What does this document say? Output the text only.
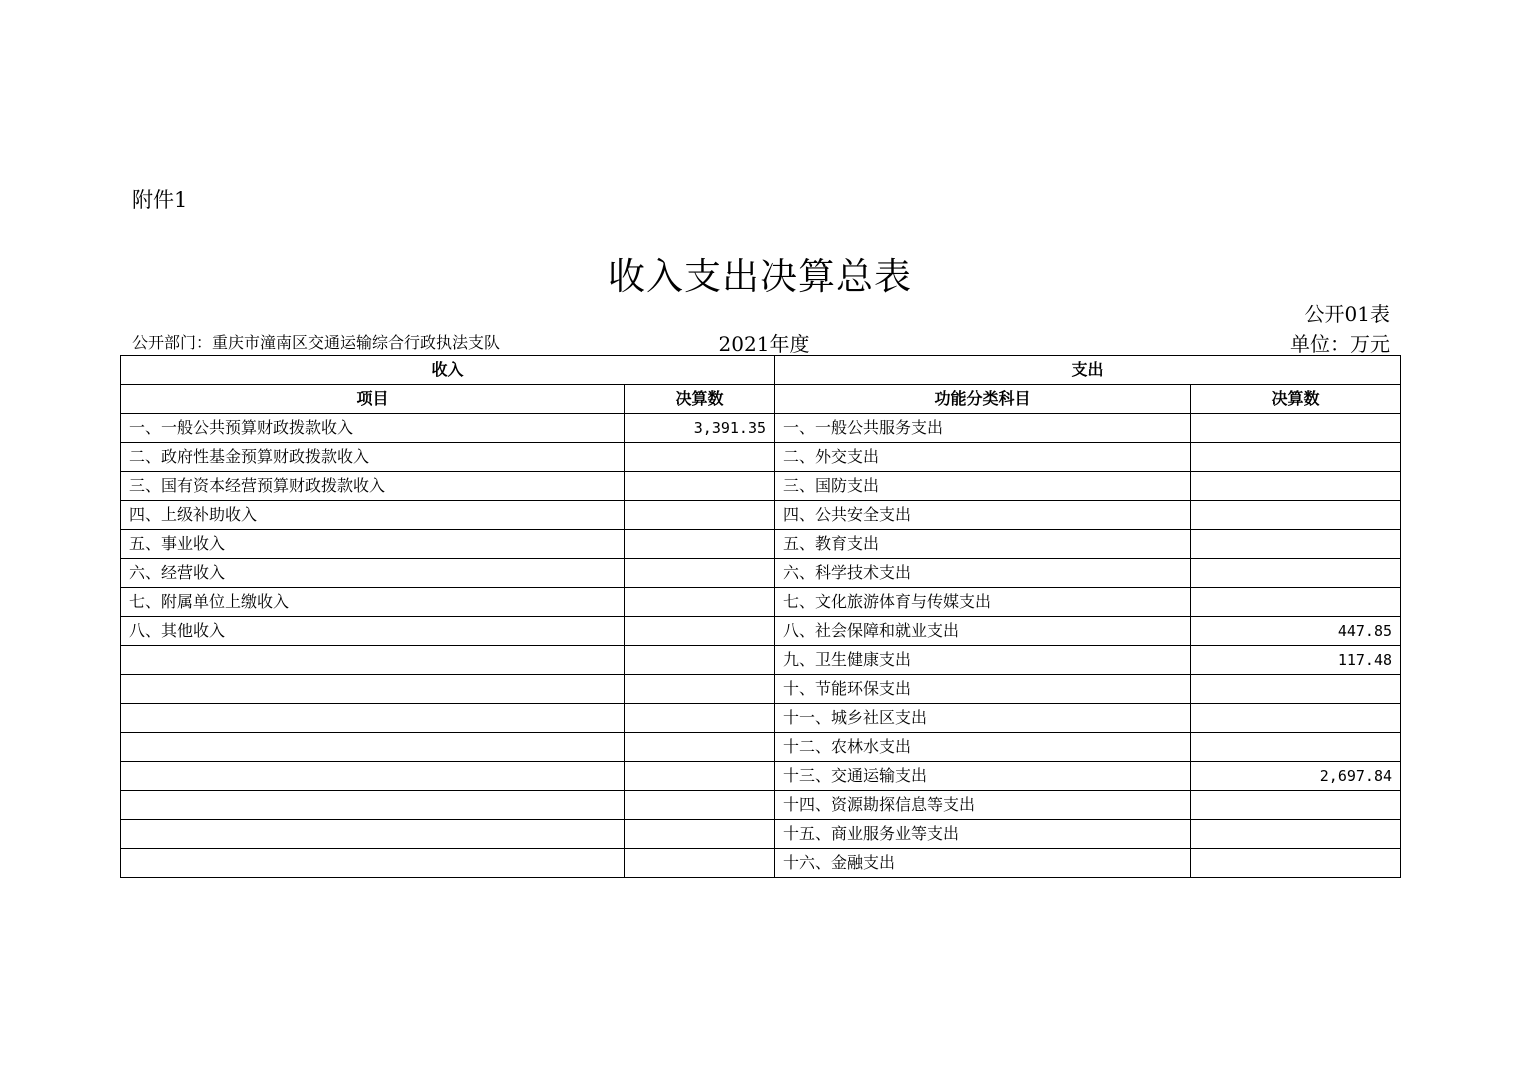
附件1
收入支出决算总表
公开01表
公开部门：重庆市潼南区交通运输综合行政执法支队	2021年度	单位：万元
收入		支出	
项目	决算数	功能分类科目	决算数
一、一般公共预算财政拨款收入	3,391.35	一、一般公共服务支出	
二、政府性基金预算财政拨款收入		二、外交支出	
三、国有资本经营预算财政拨款收入		三、国防支出	
四、上级补助收入		四、公共安全支出	
五、事业收入		五、教育支出	
六、经营收入		六、科学技术支出	
七、附属单位上缴收入		七、文化旅游体育与传媒支出	
八、其他收入		八、社会保障和就业支出	447.85
		九、卫生健康支出	117.48
		十、节能环保支出	
		十一、城乡社区支出	
		十二、农林水支出	
		十三、交通运输支出	2,697.84
		十四、资源勘探信息等支出	
		十五、商业服务业等支出	
		十六、金融支出	
